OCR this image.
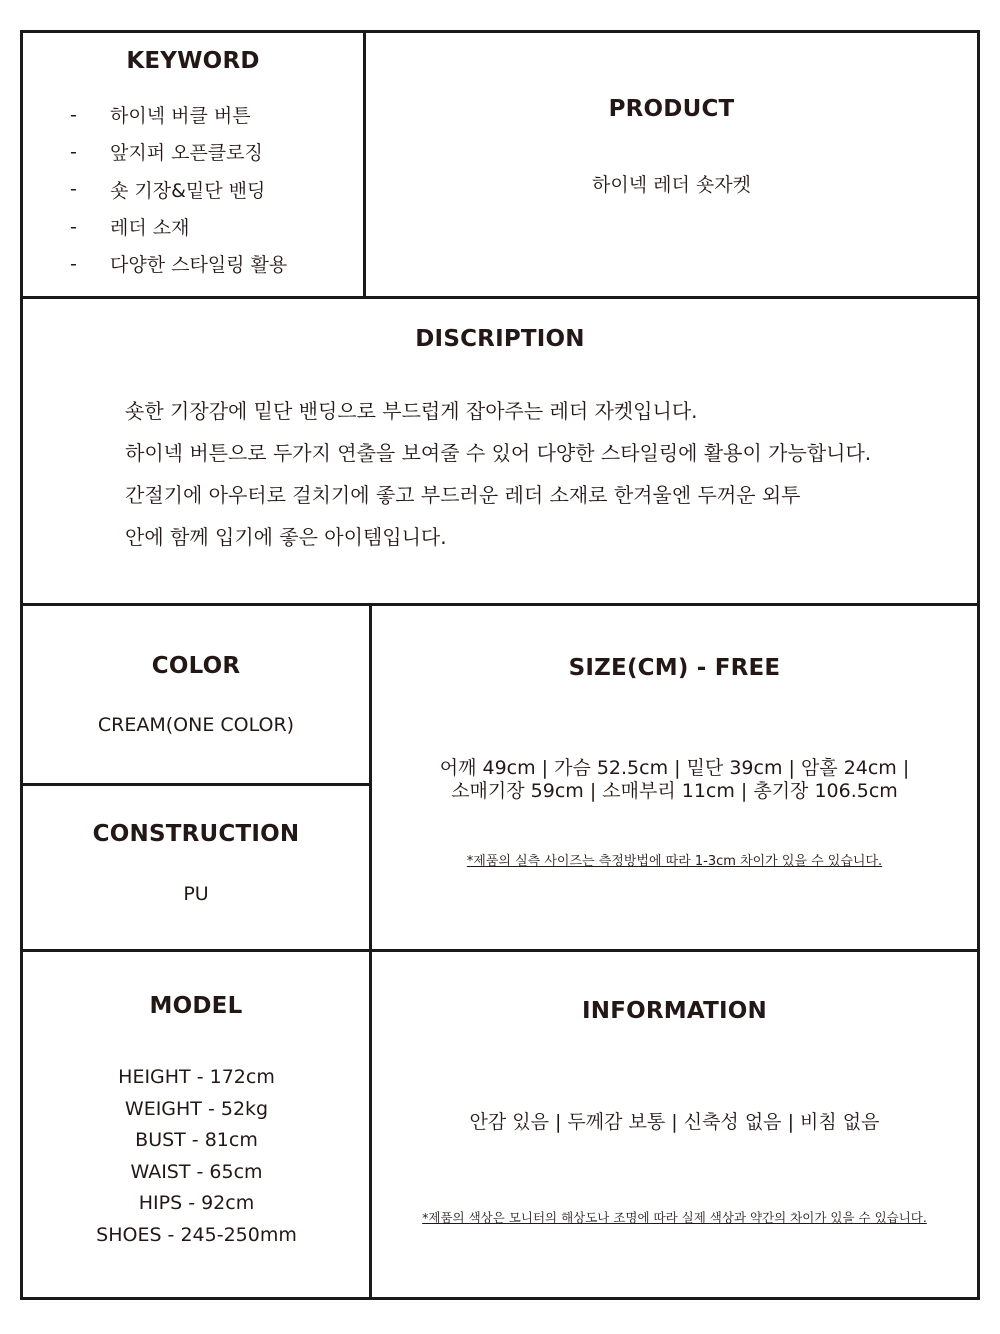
KEYWORD
-	하이넥 버클 버튼
-	앞지퍼 오픈클로징
-	숏 기장&밑단 밴딩
-	레더 소재
-	다양한 스타일링 활용
PRODUCT
하이넥 레더 숏자켓
DISCRIPTION
숏한 기장감에 밑단 밴딩으로 부드럽게 잡아주는 레더 자켓입니다.
하이넥 버튼으로 두가지 연출을 보여줄 수 있어 다양한 스타일링에 활용이 가능합니다.
간절기에 아우터로 걸치기에 좋고 부드러운 레더 소재로 한겨울엔 두꺼운 외투
안에 함께 입기에 좋은 아이템입니다.
COLOR
CREAM(ONE COLOR)
CONSTRUCTION
PU
SIZE(CM) - FREE
어깨 49cm | 가슴 52.5cm | 밑단 39cm | 암홀 24cm |
소매기장 59cm | 소매부리 11cm | 총기장 106.5cm
*제품의 실측 사이즈는 측정방법에 따라 1-3cm 차이가 있을 수 있습니다.
MODEL
HEIGHT - 172cm
WEIGHT - 52kg
BUST - 81cm
WAIST - 65cm
HIPS - 92cm
SHOES - 245-250mm
INFORMATION
안감 있음 | 두께감 보통 | 신축성 없음 | 비침 없음
*제품의 색상은 모니터의 해상도나 조명에 따라 실제 색상과 약간의 차이가 있을 수 있습니다.
